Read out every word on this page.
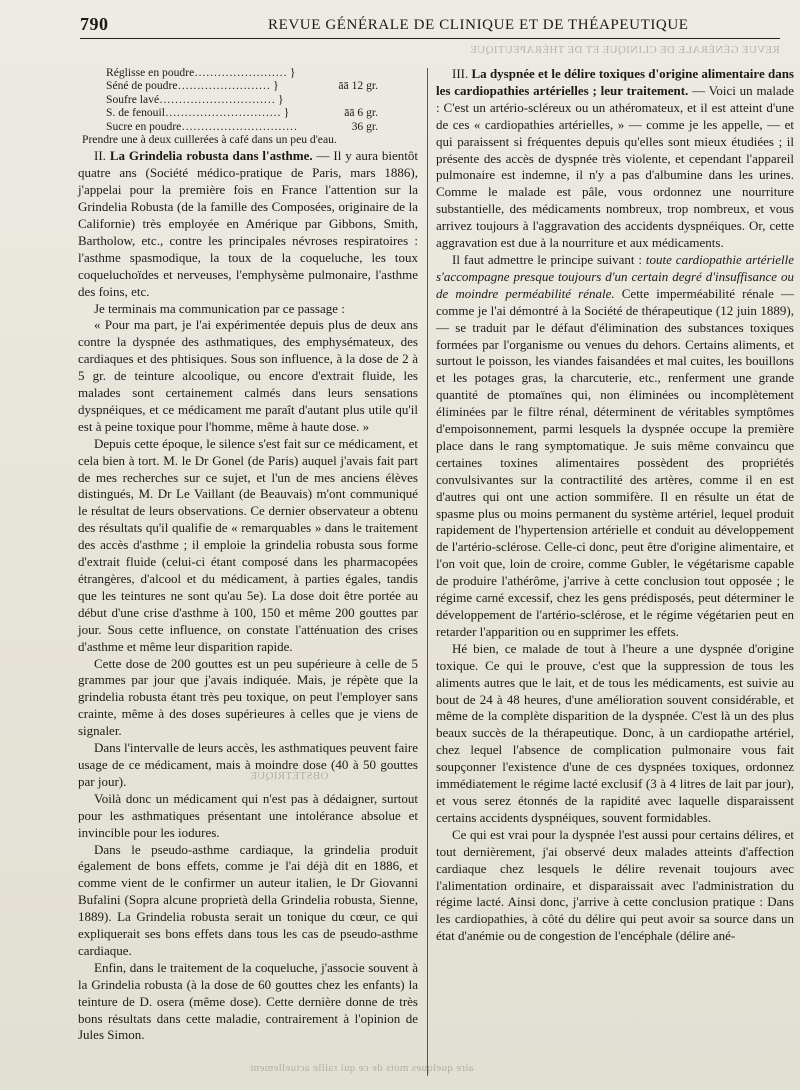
REVUE GÉNÉRALE DE CLINIQUE ET DE THÉRAPEUTIQUE
OBSTÉTRIQUE
aire quelques mots de ce qui raille actuellement
790	REVUE GÉNÉRALE DE CLINIQUE ET DE THÉAPEUTIQUE
Réglisse en poudre…………………… }
Séné de poudre…………………… }	āā 12 gr.
Soufre lavé………………………… }
S. de fenouil………………………… }	āā 6 gr.
Sucre en poudre…………………………	36 gr.
Prendre une à deux cuillerées à café dans un peu d'eau.

II. La Grindelia robusta dans l'asthme. — Il y aura bientôt quatre ans (Société médico-pratique de Paris, mars 1886), j'appelai pour la première fois en France l'attention sur la Grindelia Robusta (de la famille des Composées, originaire de la Californie) très employée en Amérique par Gibbons, Smith, Bartholow, etc., contre les principales névroses respiratoires : l'asthme spasmodique, la toux de la coqueluche, les toux coqueluchoïdes et nerveuses, l'emphysème pulmonaire, l'asthme des foins, etc.

Je terminais ma communication par ce passage :

« Pour ma part, je l'ai expérimentée depuis plus de deux ans contre la dyspnée des asthmatiques, des emphysémateux, des cardiaques et des phtisiques. Sous son influence, à la dose de 2 à 5 gr. de teinture alcoolique, ou encore d'extrait fluide, les malades sont certainement calmés dans leurs sensations dyspnéiques, et ce médicament me paraît d'autant plus utile qu'il est à peine toxique pour l'homme, même à haute dose. »

Depuis cette époque, le silence s'est fait sur ce médicament, et cela bien à tort. M. le Dr Gonel (de Paris) auquel j'avais fait part de mes recherches sur ce sujet, et l'un de mes anciens élèves distingués, M. Dr Le Vaillant (de Beauvais) m'ont communiqué le résultat de leurs observations. Ce dernier observateur a obtenu des résultats qu'il qualifie de « remarquables » dans le traitement des accès d'asthme ; il emploie la grindelia robusta sous forme d'extrait fluide (celui-ci étant composé dans les pharmacopées étrangères, d'alcool et du médicament, à parties égales, tandis que les teintures ne sont qu'au 5e). La dose doit être portée au début d'une crise d'asthme à 100, 150 et même 200 gouttes par jour. Sous cette influence, on constate l'atténuation des crises d'asthme et même leur disparition rapide.

Cette dose de 200 gouttes est un peu supérieure à celle de 5 grammes par jour que j'avais indiquée. Mais, je répète que la grindelia robusta étant très peu toxique, on peut l'employer sans crainte, même à des doses supérieures à celles que je viens de signaler.

Dans l'intervalle de leurs accès, les asthmatiques peuvent faire usage de ce médicament, mais à moindre dose (40 à 50 gouttes par jour).

Voilà donc un médicament qui n'est pas à dédaigner, surtout pour les asthmatiques présentant une intolérance absolue et invincible pour les iodures.

Dans le pseudo-asthme cardiaque, la grindelia produit également de bons effets, comme je l'ai déjà dit en 1886, et comme vient de le confirmer un auteur italien, le Dr Giovanni Bufalini (Sopra alcune proprietà della Grindelia robusta, Sienne, 1889). La Grindelia robusta serait un tonique du cœur, ce qui expliquerait ses bons effets dans tous les cas de pseudo-asthme cardiaque.

Enfin, dans le traitement de la coqueluche, j'associe souvent à la Grindelia robusta (à la dose de 60 gouttes chez les enfants) la teinture de D. osera (même dose). Cette dernière donne de très bons résultats dans cette maladie, contrairement à l'opinion de Jules Simon.

III. La dyspnée et le délire toxiques d'origine alimentaire dans les cardiopathies artérielles ; leur traitement. — Voici un malade : C'est un artério-scléreux ou un athéromateux, et il est atteint d'une de ces « cardiopathies artérielles, » — comme je les appelle, — et qui paraissent si fréquentes depuis qu'elles sont mieux étudiées ; il présente des accès de dyspnée très violente, et cependant l'appareil pulmonaire est indemne, il n'y a pas d'albumine dans les urines. Comme le malade est pâle, vous ordonnez une nourriture substantielle, des médicaments nombreux, trop nombreux, et vous arrivez toujours à l'aggravation des accidents dyspnéiques. Or, cette aggravation est due à la nourriture et aux médicaments.

Il faut admettre le principe suivant : toute cardiopathie artérielle s'accompagne presque toujours d'un certain degré d'insuffisance ou de moindre perméabilité rénale. Cette imperméabilité rénale — comme je l'ai démontré à la Société de thérapeutique (12 juin 1889), — se traduit par le défaut d'élimination des substances toxiques formées par l'organisme ou venues du dehors. Certains aliments, et surtout le poisson, les viandes faisandées et mal cuites, les bouillons et les potages gras, la charcuterie, etc., renferment une grande quantité de ptomaïnes qui, non éliminées ou incomplètement éliminées par le filtre rénal, déterminent de véritables symptômes d'empoisonnement, parmi lesquels la dyspnée occupe la première place dans le rang symptomatique. Je suis même convaincu que certaines toxines alimentaires possèdent des propriétés convulsivantes sur la contractilité des artères, comme il en est d'autres qui ont une action sommifère. Il en résulte un état de spasme plus ou moins permanent du système artériel, lequel produit rapidement de l'hypertension artérielle et conduit au développement de l'artério-sclérose. Celle-ci donc, peut être d'origine alimentaire, et l'on voit que, loin de croire, comme Gubler, le végétarisme capable de produire l'athérôme, j'arrive à cette conclusion tout opposée ; le régime carné excessif, chez les gens prédisposés, peut déterminer le développement de l'artério-sclérose, et le régime végétarien peut en retarder l'apparition ou en supprimer les effets.

Hé bien, ce malade de tout à l'heure a une dyspnée d'origine toxique. Ce qui le prouve, c'est que la suppression de tous les aliments autres que le lait, et de tous les médicaments, est suivie au bout de 24 à 48 heures, d'une amélioration souvent considérable, et même de la complète disparition de la dyspnée. C'est là un des plus beaux succès de la thérapeutique. Donc, à un cardiopathe artériel, chez lequel l'absence de complication pulmonaire vous fait soupçonner l'existence d'une de ces dyspnées toxiques, ordonnez immédiatement le régime lacté exclusif (3 à 4 litres de lait par jour), et vous serez étonnés de la rapidité avec laquelle disparaissent certains accidents dyspnéiques, souvent formidables.

Ce qui est vrai pour la dyspnée l'est aussi pour certains délires, et tout dernièrement, j'ai observé deux malades atteints d'affection cardiaque chez lesquels le délire revenait toujours avec l'alimentation ordinaire, et disparaissait avec l'administration du régime lacté. Ainsi donc, j'arrive à cette conclusion pratique : Dans les cardiopathies, à côté du délire qui peut avoir sa source dans un état d'anémie ou de congestion de l'encéphale (délire ané-
